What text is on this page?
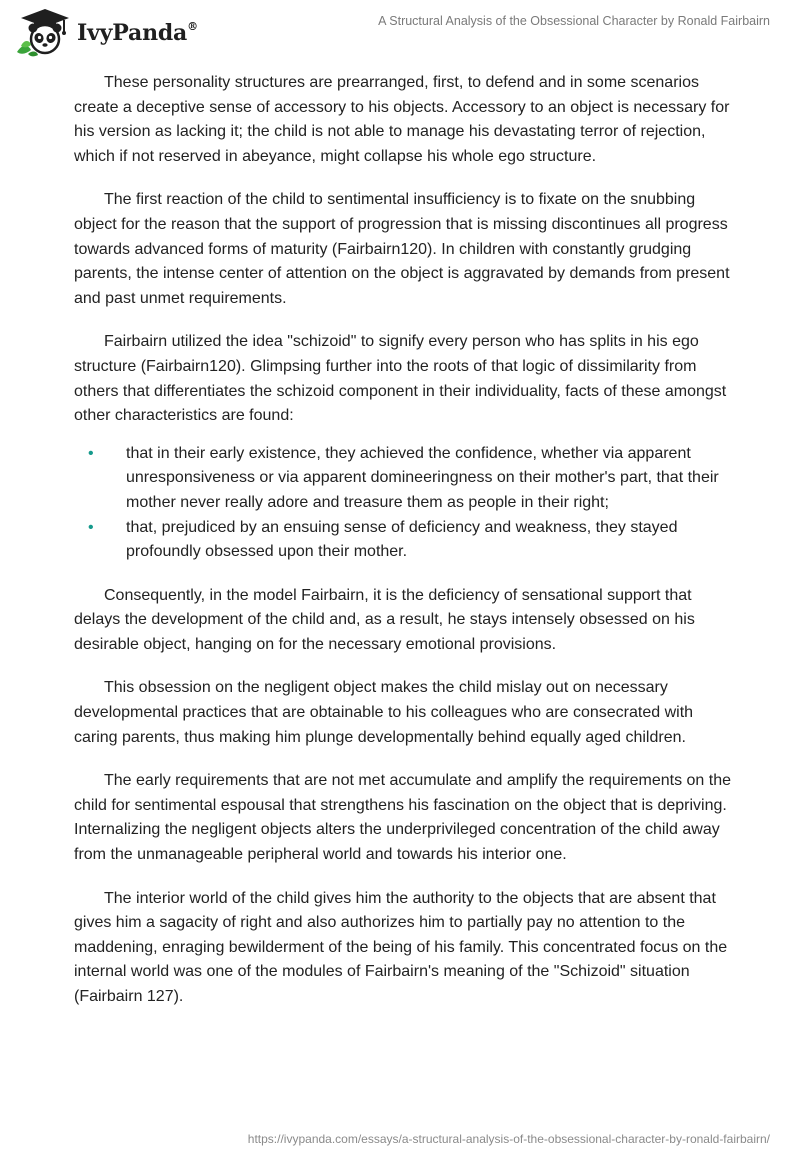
IvyPanda®	A Structural Analysis of the Obsessional Character by Ronald Fairbairn

These personality structures are prearranged, first, to defend and in some scenarios create a deceptive sense of accessory to his objects. Accessory to an object is necessary for his version as lacking it; the child is not able to manage his devastating terror of rejection, which if not reserved in abeyance, might collapse his whole ego structure.

The first reaction of the child to sentimental insufficiency is to fixate on the snubbing object for the reason that the support of progression that is missing discontinues all progress towards advanced forms of maturity (Fairbairn120). In children with constantly grudging parents, the intense center of attention on the object is aggravated by demands from present and past unmet requirements.

Fairbairn utilized the idea "schizoid" to signify every person who has splits in his ego structure (Fairbairn120). Glimpsing further into the roots of that logic of dissimilarity from others that differentiates the schizoid component in their individuality, facts of these amongst other characteristics are found:

• that in their early existence, they achieved the confidence, whether via apparent unresponsiveness or via apparent domineeringness on their mother's part, that their mother never really adore and treasure them as people in their right;
• that, prejudiced by an ensuing sense of deficiency and weakness, they stayed profoundly obsessed upon their mother.

Consequently, in the model Fairbairn, it is the deficiency of sensational support that delays the development of the child and, as a result, he stays intensely obsessed on his desirable object, hanging on for the necessary emotional provisions.

This obsession on the negligent object makes the child mislay out on necessary developmental practices that are obtainable to his colleagues who are consecrated with caring parents, thus making him plunge developmentally behind equally aged children.

The early requirements that are not met accumulate and amplify the requirements on the child for sentimental espousal that strengthens his fascination on the object that is depriving. Internalizing the negligent objects alters the underprivileged concentration of the child away from the unmanageable peripheral world and towards his interior one.

The interior world of the child gives him the authority to the objects that are absent that gives him a sagacity of right and also authorizes him to partially pay no attention to the maddening, enraging bewilderment of the being of his family. This concentrated focus on the internal world was one of the modules of Fairbairn's meaning of the "Schizoid" situation (Fairbairn 127).

https://ivypanda.com/essays/a-structural-analysis-of-the-obsessional-character-by-ronald-fairbairn/
